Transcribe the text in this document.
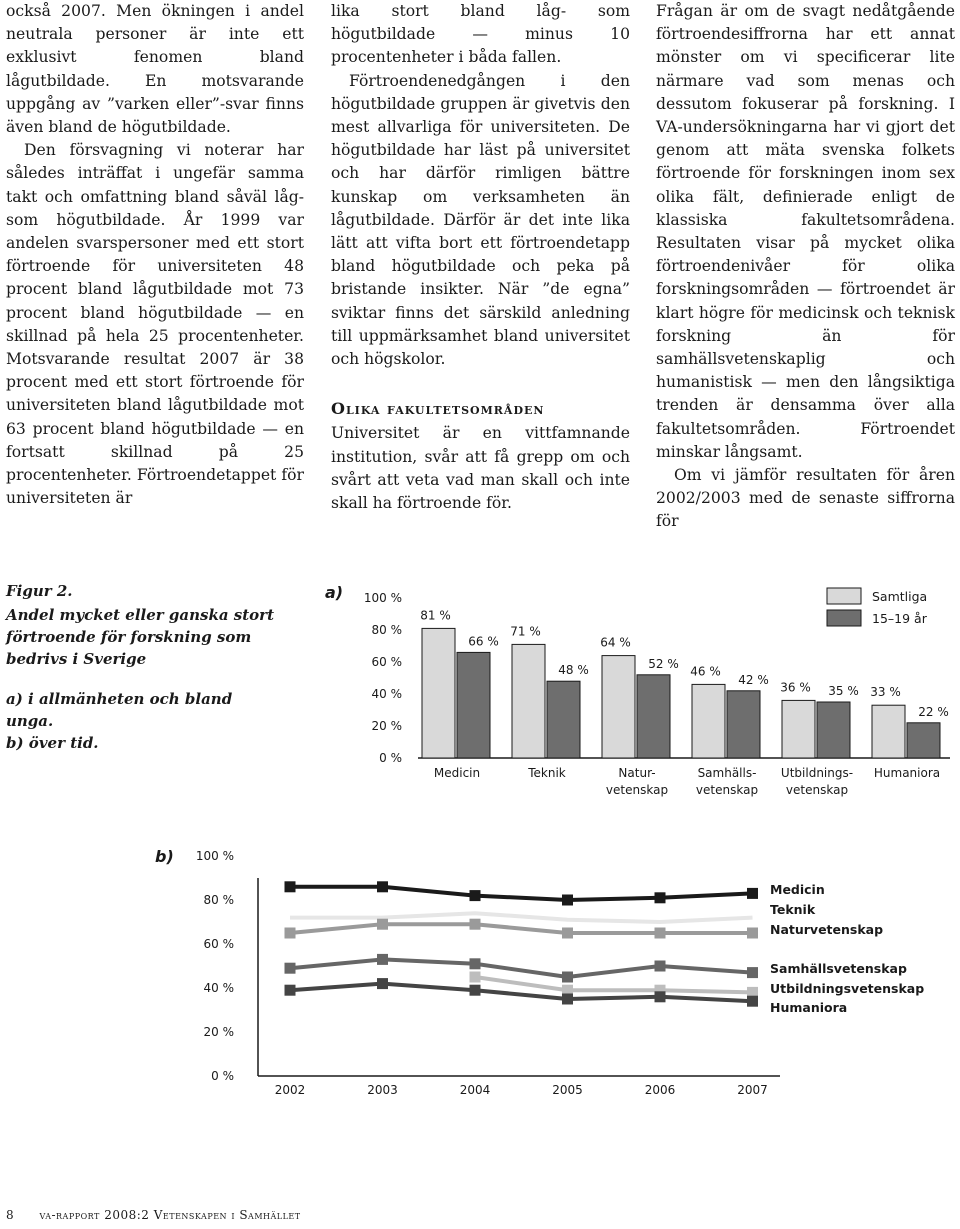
också 2007. Men ökningen i andel neutrala personer är inte ett exklusivt fenomen bland lågutbildade. En motsvarande uppgång av ”varken eller”-svar finns även bland de högutbildade.

Den försvagning vi noterar har således inträffat i ungefär samma takt och omfattning bland såväl låg- som högutbildade. År 1999 var andelen svarspersoner med ett stort förtroende för universiteten 48 procent bland lågutbildade mot 73 procent bland högutbildade — en skillnad på hela 25 procentenheter. Motsvarande resultat 2007 är 38 procent med ett stort förtroende för universiteten bland lågutbildade mot 63 procent bland högutbildade — en fortsatt skillnad på 25 procentenheter. Förtroendetappet för universiteten är

lika stort bland låg- som högutbildade — minus 10 procentenheter i båda fallen.

Förtroendenedgången i den högutbildade gruppen är givetvis den mest allvarliga för universiteten. De högutbildade har läst på universitet och har därför rimligen bättre kunskap om verksamheten än lågutbildade. Därför är det inte lika lätt att vifta bort ett förtroendetapp bland högutbildade och peka på bristande insikter. När ”de egna” sviktar finns det särskild anledning till uppmärksamhet bland universitet och högskolor.

Olika fakultetsområden

Universitet är en vittfamnande institution, svår att få grepp om och svårt att veta vad man skall och inte skall ha förtroende för.

Frågan är om de svagt nedåtgående förtroendesiffrorna har ett annat mönster om vi specificerar lite närmare vad som menas och dessutom fokuserar på forskning. I VA-undersökningarna har vi gjort det genom att mäta svenska folkets förtroende för forskningen inom sex olika fält, definierade enligt de klassiska fakultetsområdena. Resultaten visar på mycket olika förtroendenivåer för olika forskningsområden — förtroendet är klart högre för medicinsk och teknisk forskning än för samhällsvetenskaplig och humanistisk — men den långsiktiga trenden är densamma över alla fakultetsområden. Förtroendet minskar långsamt.

Om vi jämför resultaten för åren 2002/2003 med de senaste siffrorna för

Figur 2.
Andel mycket eller ganska stort förtroende för forskning som bedrivs i Sverige
a) i allmänheten och bland unga.
b) över tid.
a)
0 %
20 %
40 %
60 %
80 %
100 %
81 %
66 %
Medicin
71 %
48 %
Teknik
64 %
52 %
Natur-
vetenskap
46 %
42 %
Samhälls-
vetenskap
36 % 35 %
Utbildnings-
vetenskap
33 %
22 %
Humaniora
Samtliga
15–19 år
b)
0 %
20 %
40 %
60 %
80 %
100 %
2002	2003	2004	2005	2006	2007
Medicin
Teknik
Naturvetenskap
Samhällsvetenskap
Utbildningsvetenskap
Humaniora
8 va-rapport 2008:2 Vetenskapen i Samhället
